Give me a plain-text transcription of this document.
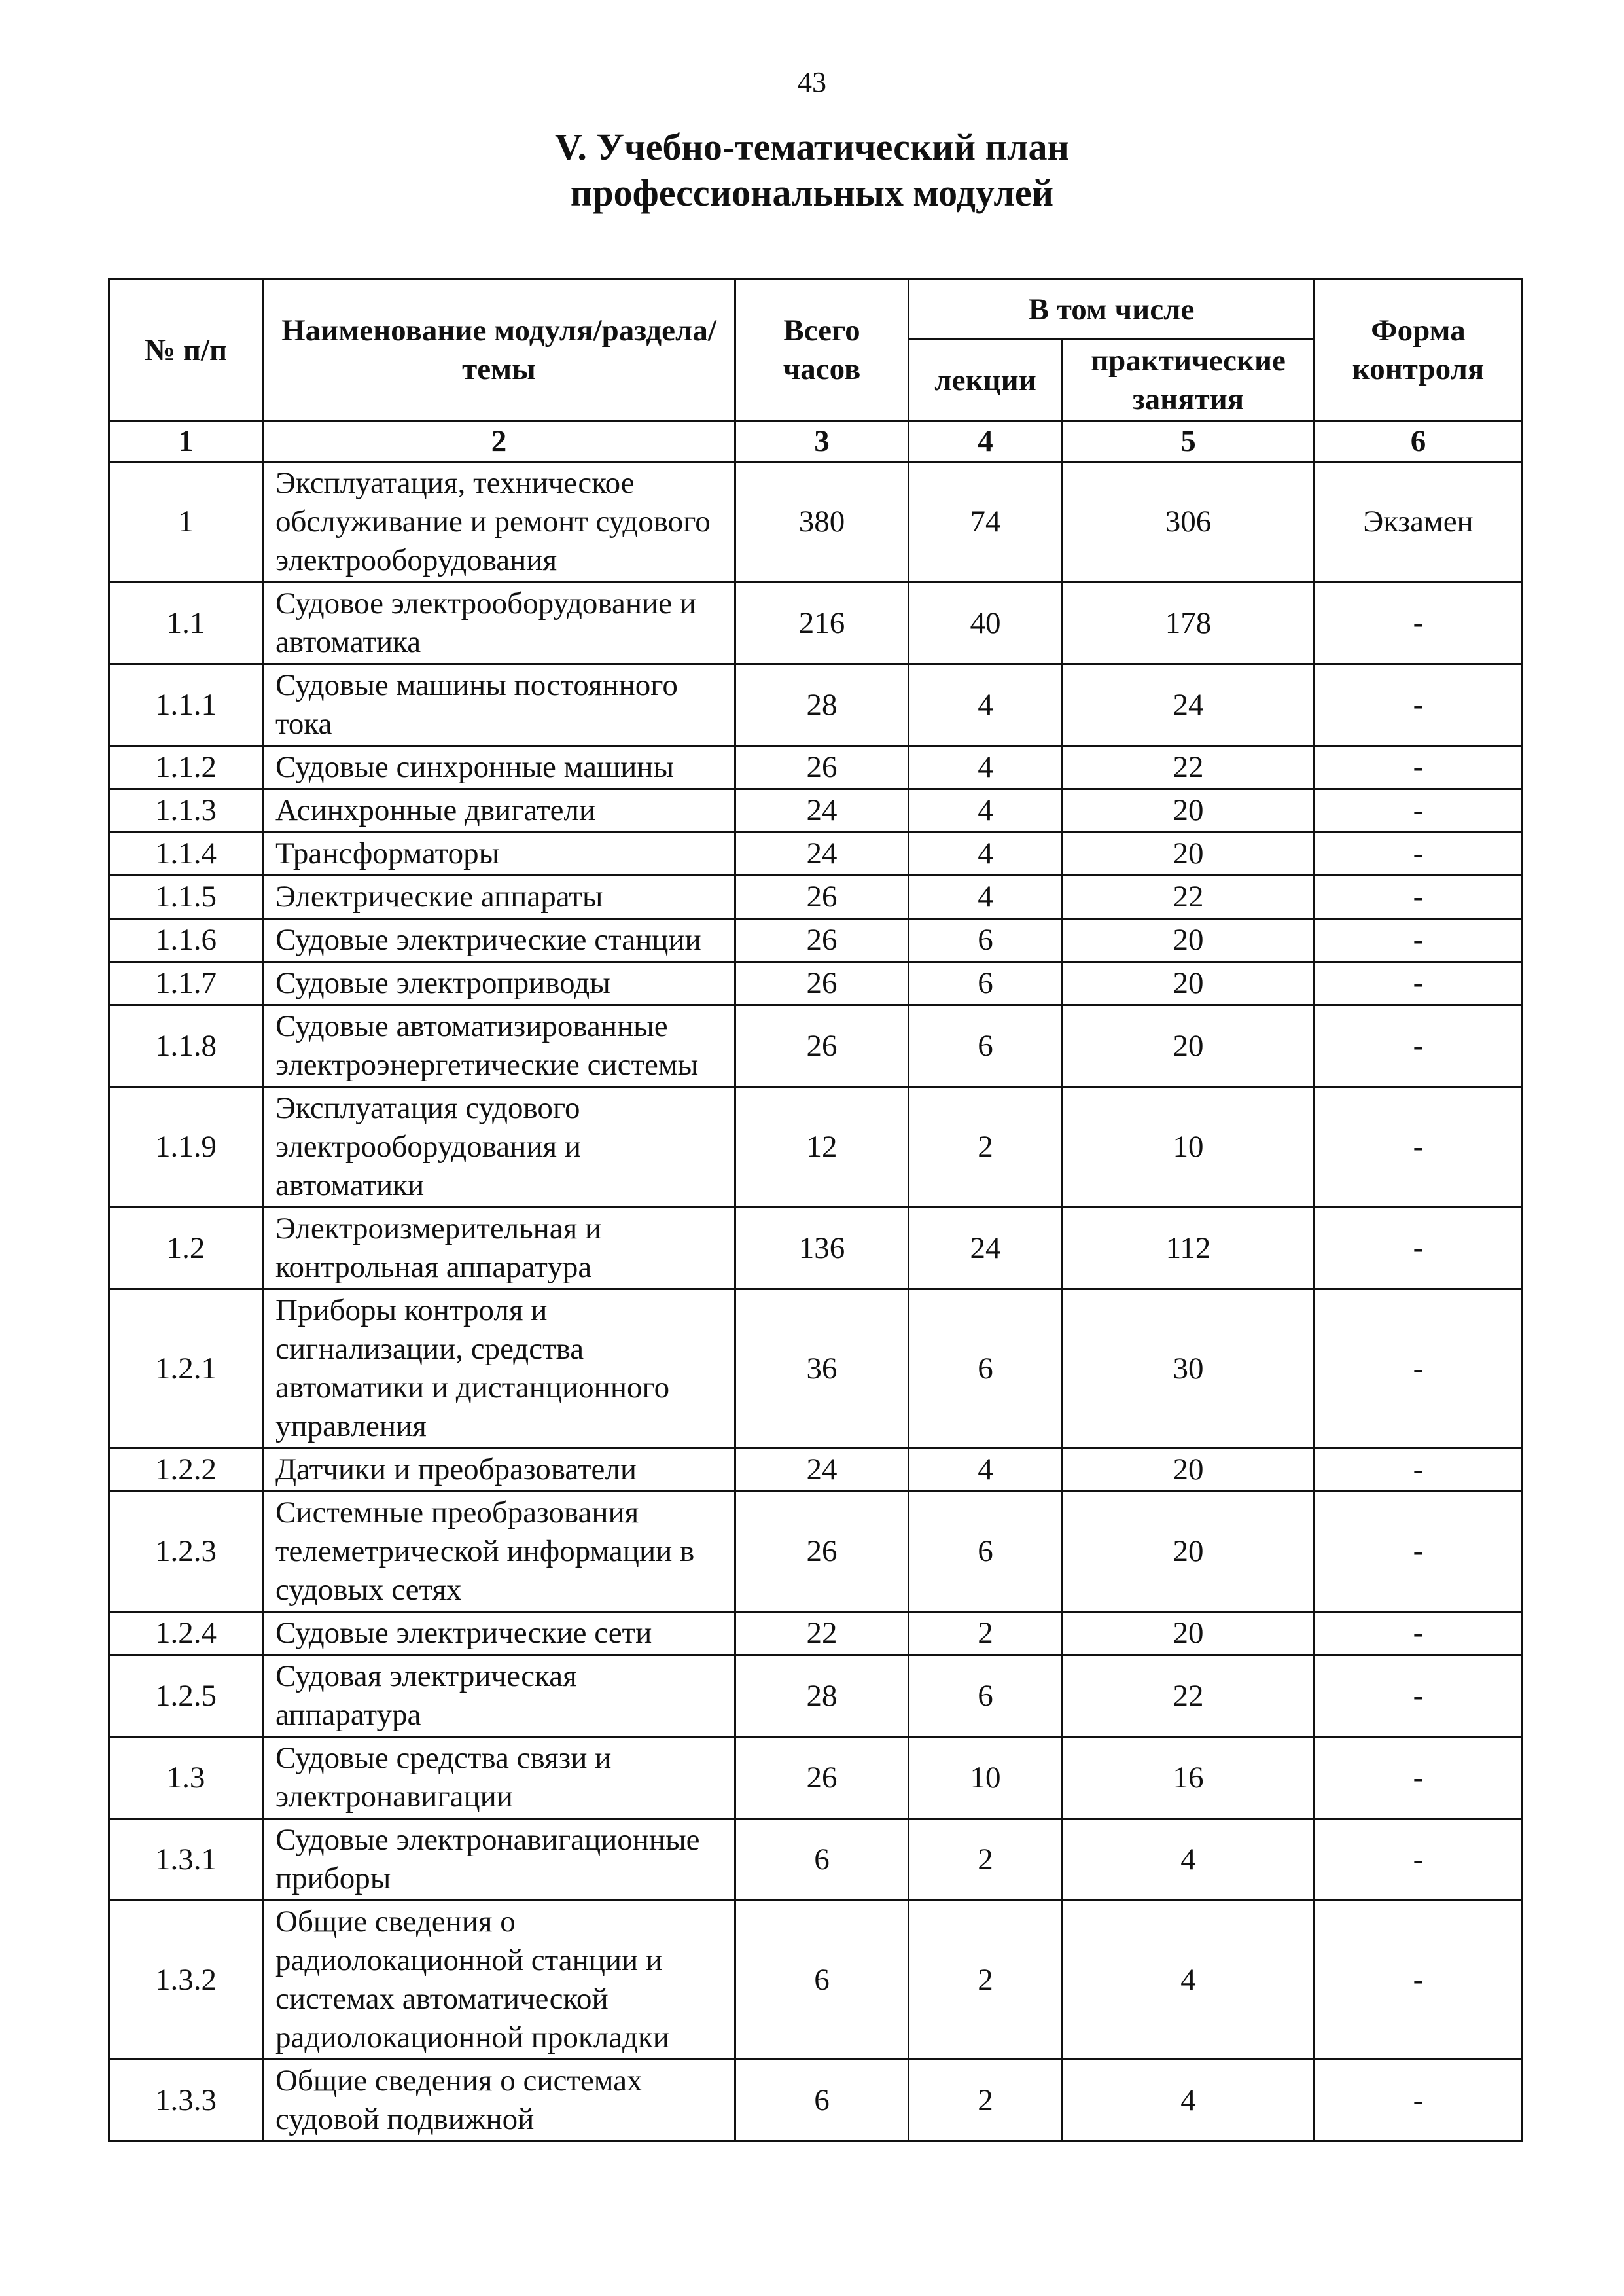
43
V. Учебно-тематический план
профессиональных модулей
№ п/п	Наименование модуля/раздела/темы	Всего часов	В том числе		Форма контроля
			лекции	практические занятия	
1	2	3	4	5	6
1	Эксплуатация, техническое обслуживание и ремонт судового электрооборудования	380	74	306	Экзамен
1.1	Судовое электрооборудование и автоматика	216	40	178	-
1.1.1	Судовые машины постоянного тока	28	4	24	-
1.1.2	Судовые синхронные машины	26	4	22	-
1.1.3	Асинхронные двигатели	24	4	20	-
1.1.4	Трансформаторы	24	4	20	-
1.1.5	Электрические аппараты	26	4	22	-
1.1.6	Судовые электрические станции	26	6	20	-
1.1.7	Судовые электроприводы	26	6	20	-
1.1.8	Судовые автоматизированные электроэнергетические системы	26	6	20	-
1.1.9	Эксплуатация судового электрооборудования и автоматики	12	2	10	-
1.2	Электроизмерительная и контрольная аппаратура	136	24	112	-
1.2.1	Приборы контроля и сигнализации, средства автоматики и дистанционного управления	36	6	30	-
1.2.2	Датчики и преобразователи	24	4	20	-
1.2.3	Системные преобразования телеметрической информации в судовых сетях	26	6	20	-
1.2.4	Судовые электрические сети	22	2	20	-
1.2.5	Судовая электрическая аппаратура	28	6	22	-
1.3	Судовые средства связи и электронавигации	26	10	16	-
1.3.1	Судовые электронавигационные приборы	6	2	4	-
1.3.2	Общие сведения о радиолокационной станции и системах автоматической радиолокационной прокладки	6	2	4	-
1.3.3	Общие сведения о системах судовой подвижной	6	2	4	-
